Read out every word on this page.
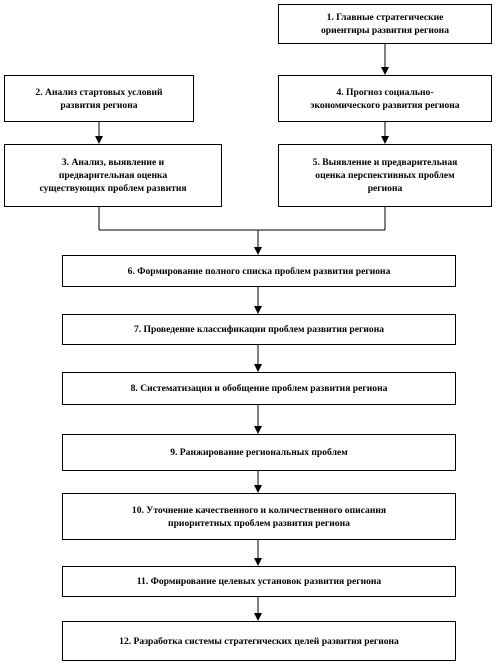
1. Главные стратегические
ориентиры развития региона
2. Анализ стартовых условий
развития региона
3. Анализ, выявление и
предварительная оценка
существующих проблем развития
4. Прогноз социально-
экономического развития региона
5. Выявление и предварительная
оценка перспективных проблем
региона
6. Формирование полного списка проблем развития региона
7. Проведение классификации проблем развития региона
8. Систематизация и обобщение проблем развития региона
9. Ранжирование региональных проблем
10. Уточнение качественного и количественного описания
приоритетных проблем развития региона
11. Формирование целевых установок развития региона
12. Разработка системы стратегических целей развития региона
